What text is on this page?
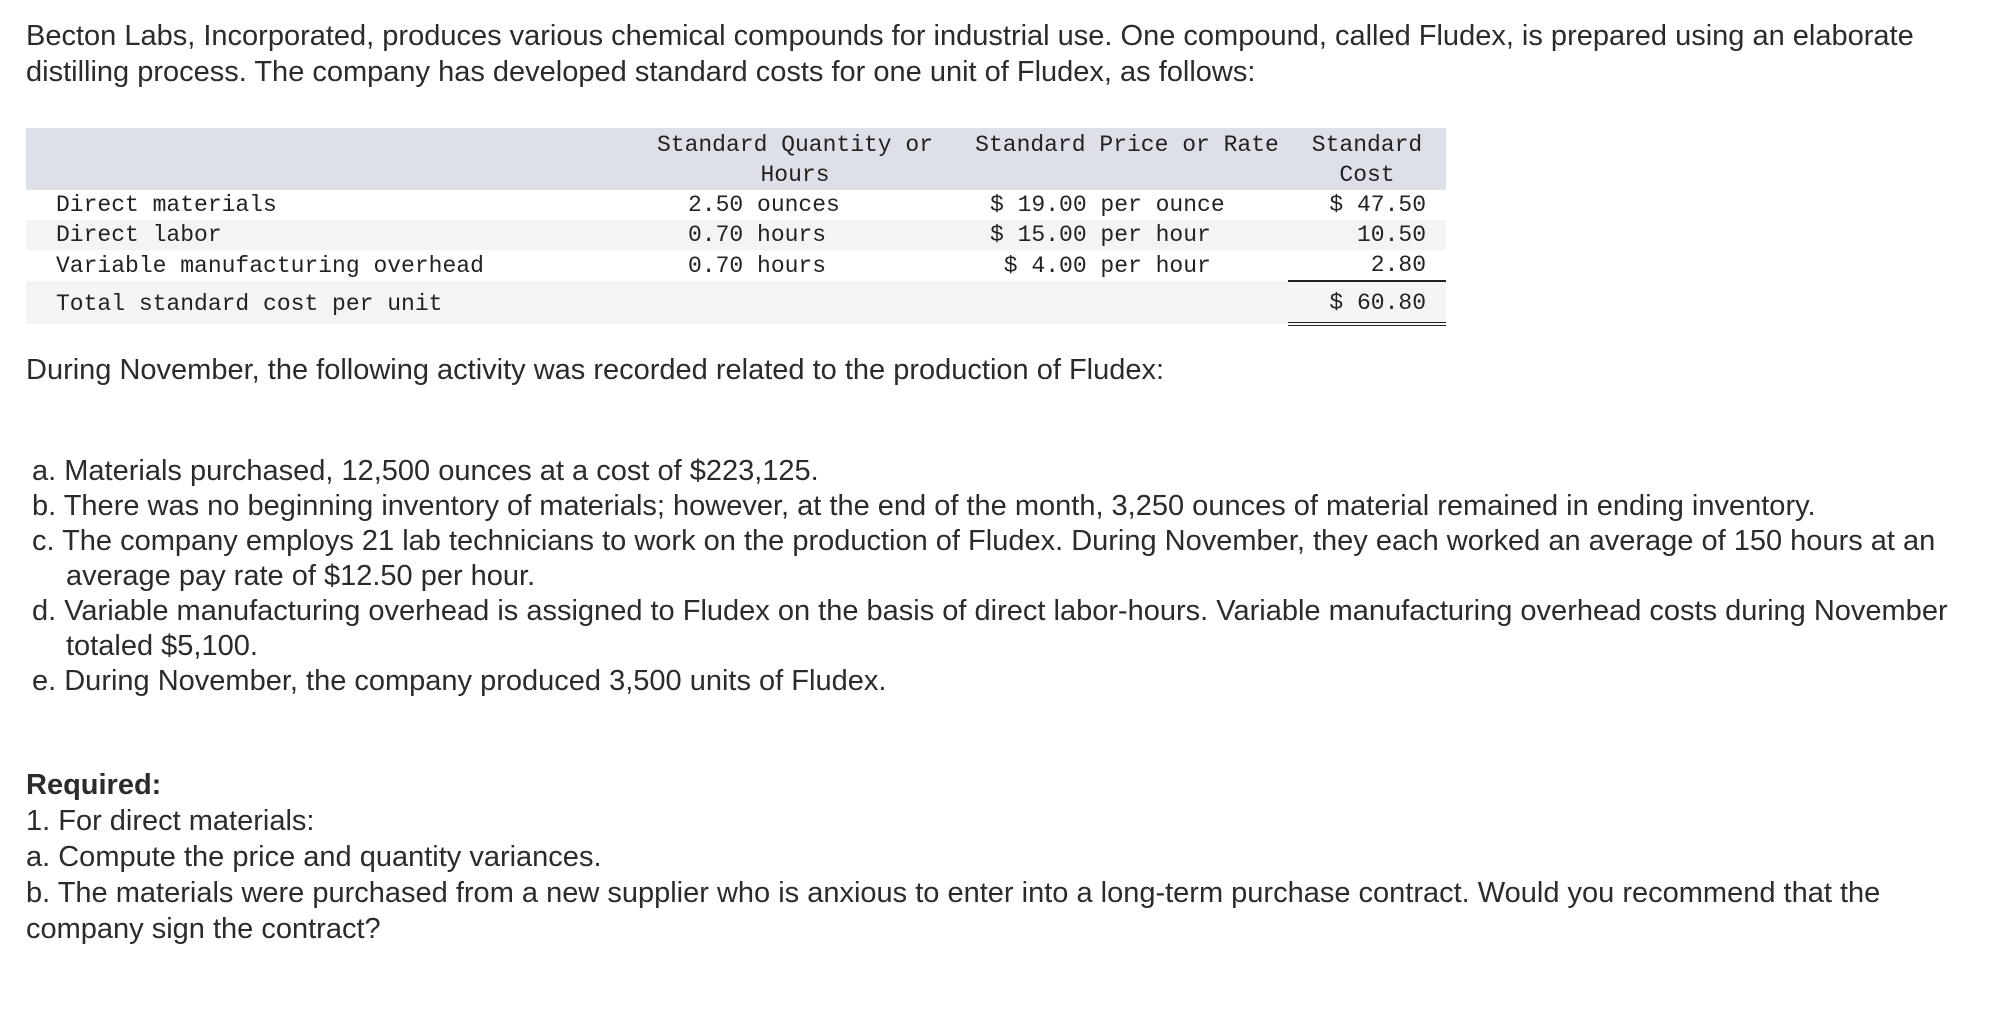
Becton Labs, Incorporated, produces various chemical compounds for industrial use. One compound, called Fludex, is prepared using an elaborate distilling process. The company has developed standard costs for one unit of Fludex, as follows:

	Standard Quantity or Hours	Standard Price or Rate	Standard Cost
Direct materials	2.50 ounces	$ 19.00 per ounce	$ 47.50
Direct labor	0.70 hours	$ 15.00 per hour	10.50
Variable manufacturing overhead	0.70 hours	$ 4.00 per hour	2.80
Total standard cost per unit			$ 60.80

During November, the following activity was recorded related to the production of Fludex:

a. Materials purchased, 12,500 ounces at a cost of $223,125.
b. There was no beginning inventory of materials; however, at the end of the month, 3,250 ounces of material remained in ending inventory.
c. The company employs 21 lab technicians to work on the production of Fludex. During November, they each worked an average of 150 hours at an average pay rate of $12.50 per hour.
d. Variable manufacturing overhead is assigned to Fludex on the basis of direct labor-hours. Variable manufacturing overhead costs during November totaled $5,100.
e. During November, the company produced 3,500 units of Fludex.

Required:

1. For direct materials:

a. Compute the price and quantity variances.

b. The materials were purchased from a new supplier who is anxious to enter into a long-term purchase contract. Would you recommend that the company sign the contract?
